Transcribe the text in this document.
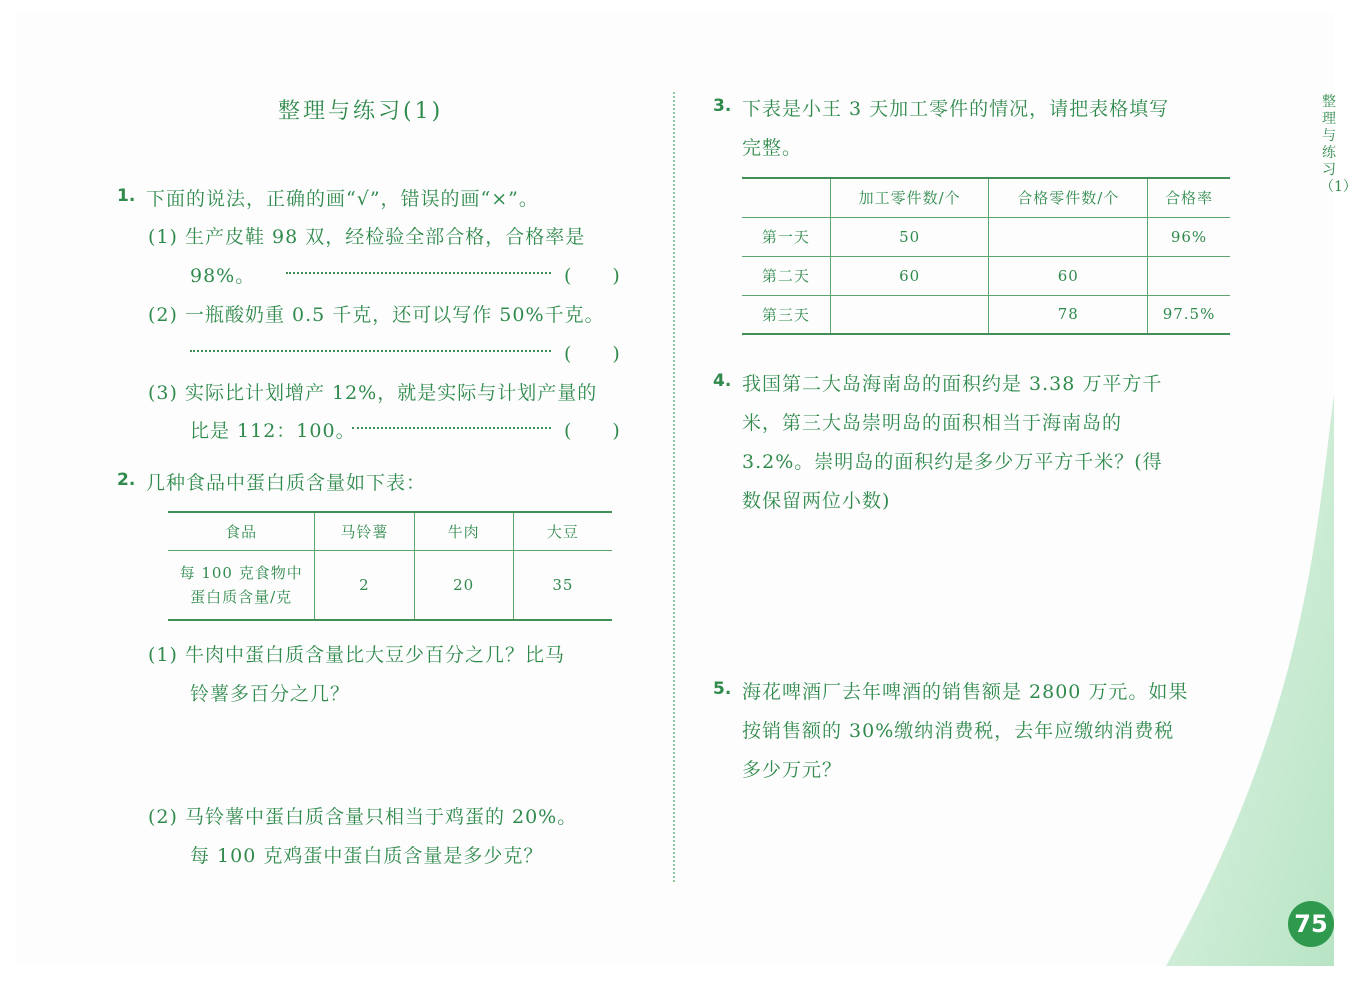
整理与练习(1)
1. 下面的说法，正确的画“√”，错误的画“×”。
(1) 生产皮鞋 98 双，经检验全部合格，合格率是
98%。	(　　)
(2) 一瓶酸奶重 0.5 千克，还可以写作 50%千克。
(　　)
(3) 实际比计划增产 12%，就是实际与计划产量的
比是 112：100。	(　　)
2. 几种食品中蛋白质含量如下表：
食品	马铃薯	牛肉	大豆

每 100 克食物中
蛋白质含量/克	2	20	35
(1) 牛肉中蛋白质含量比大豆少百分之几？比马
铃薯多百分之几？
(2) 马铃薯中蛋白质含量只相当于鸡蛋的 20%。
每 100 克鸡蛋中蛋白质含量是多少克？
3. 下表是小王 3 天加工零件的情况，请把表格填写
完整。
	加工零件数/个	合格零件数/个	合格率
第一天	50		96%
第二天	60	60	
第三天		78	97.5%
4. 我国第二大岛海南岛的面积约是 3.38 万平方千
米，第三大岛崇明岛的面积相当于海南岛的
3.2%。崇明岛的面积约是多少万平方千米？(得
数保留两位小数)
5. 海花啤酒厂去年啤酒的销售额是 2800 万元。如果
按销售额的 30%缴纳消费税，去年应缴纳消费税
多少万元？
整理与练习（1）
75
